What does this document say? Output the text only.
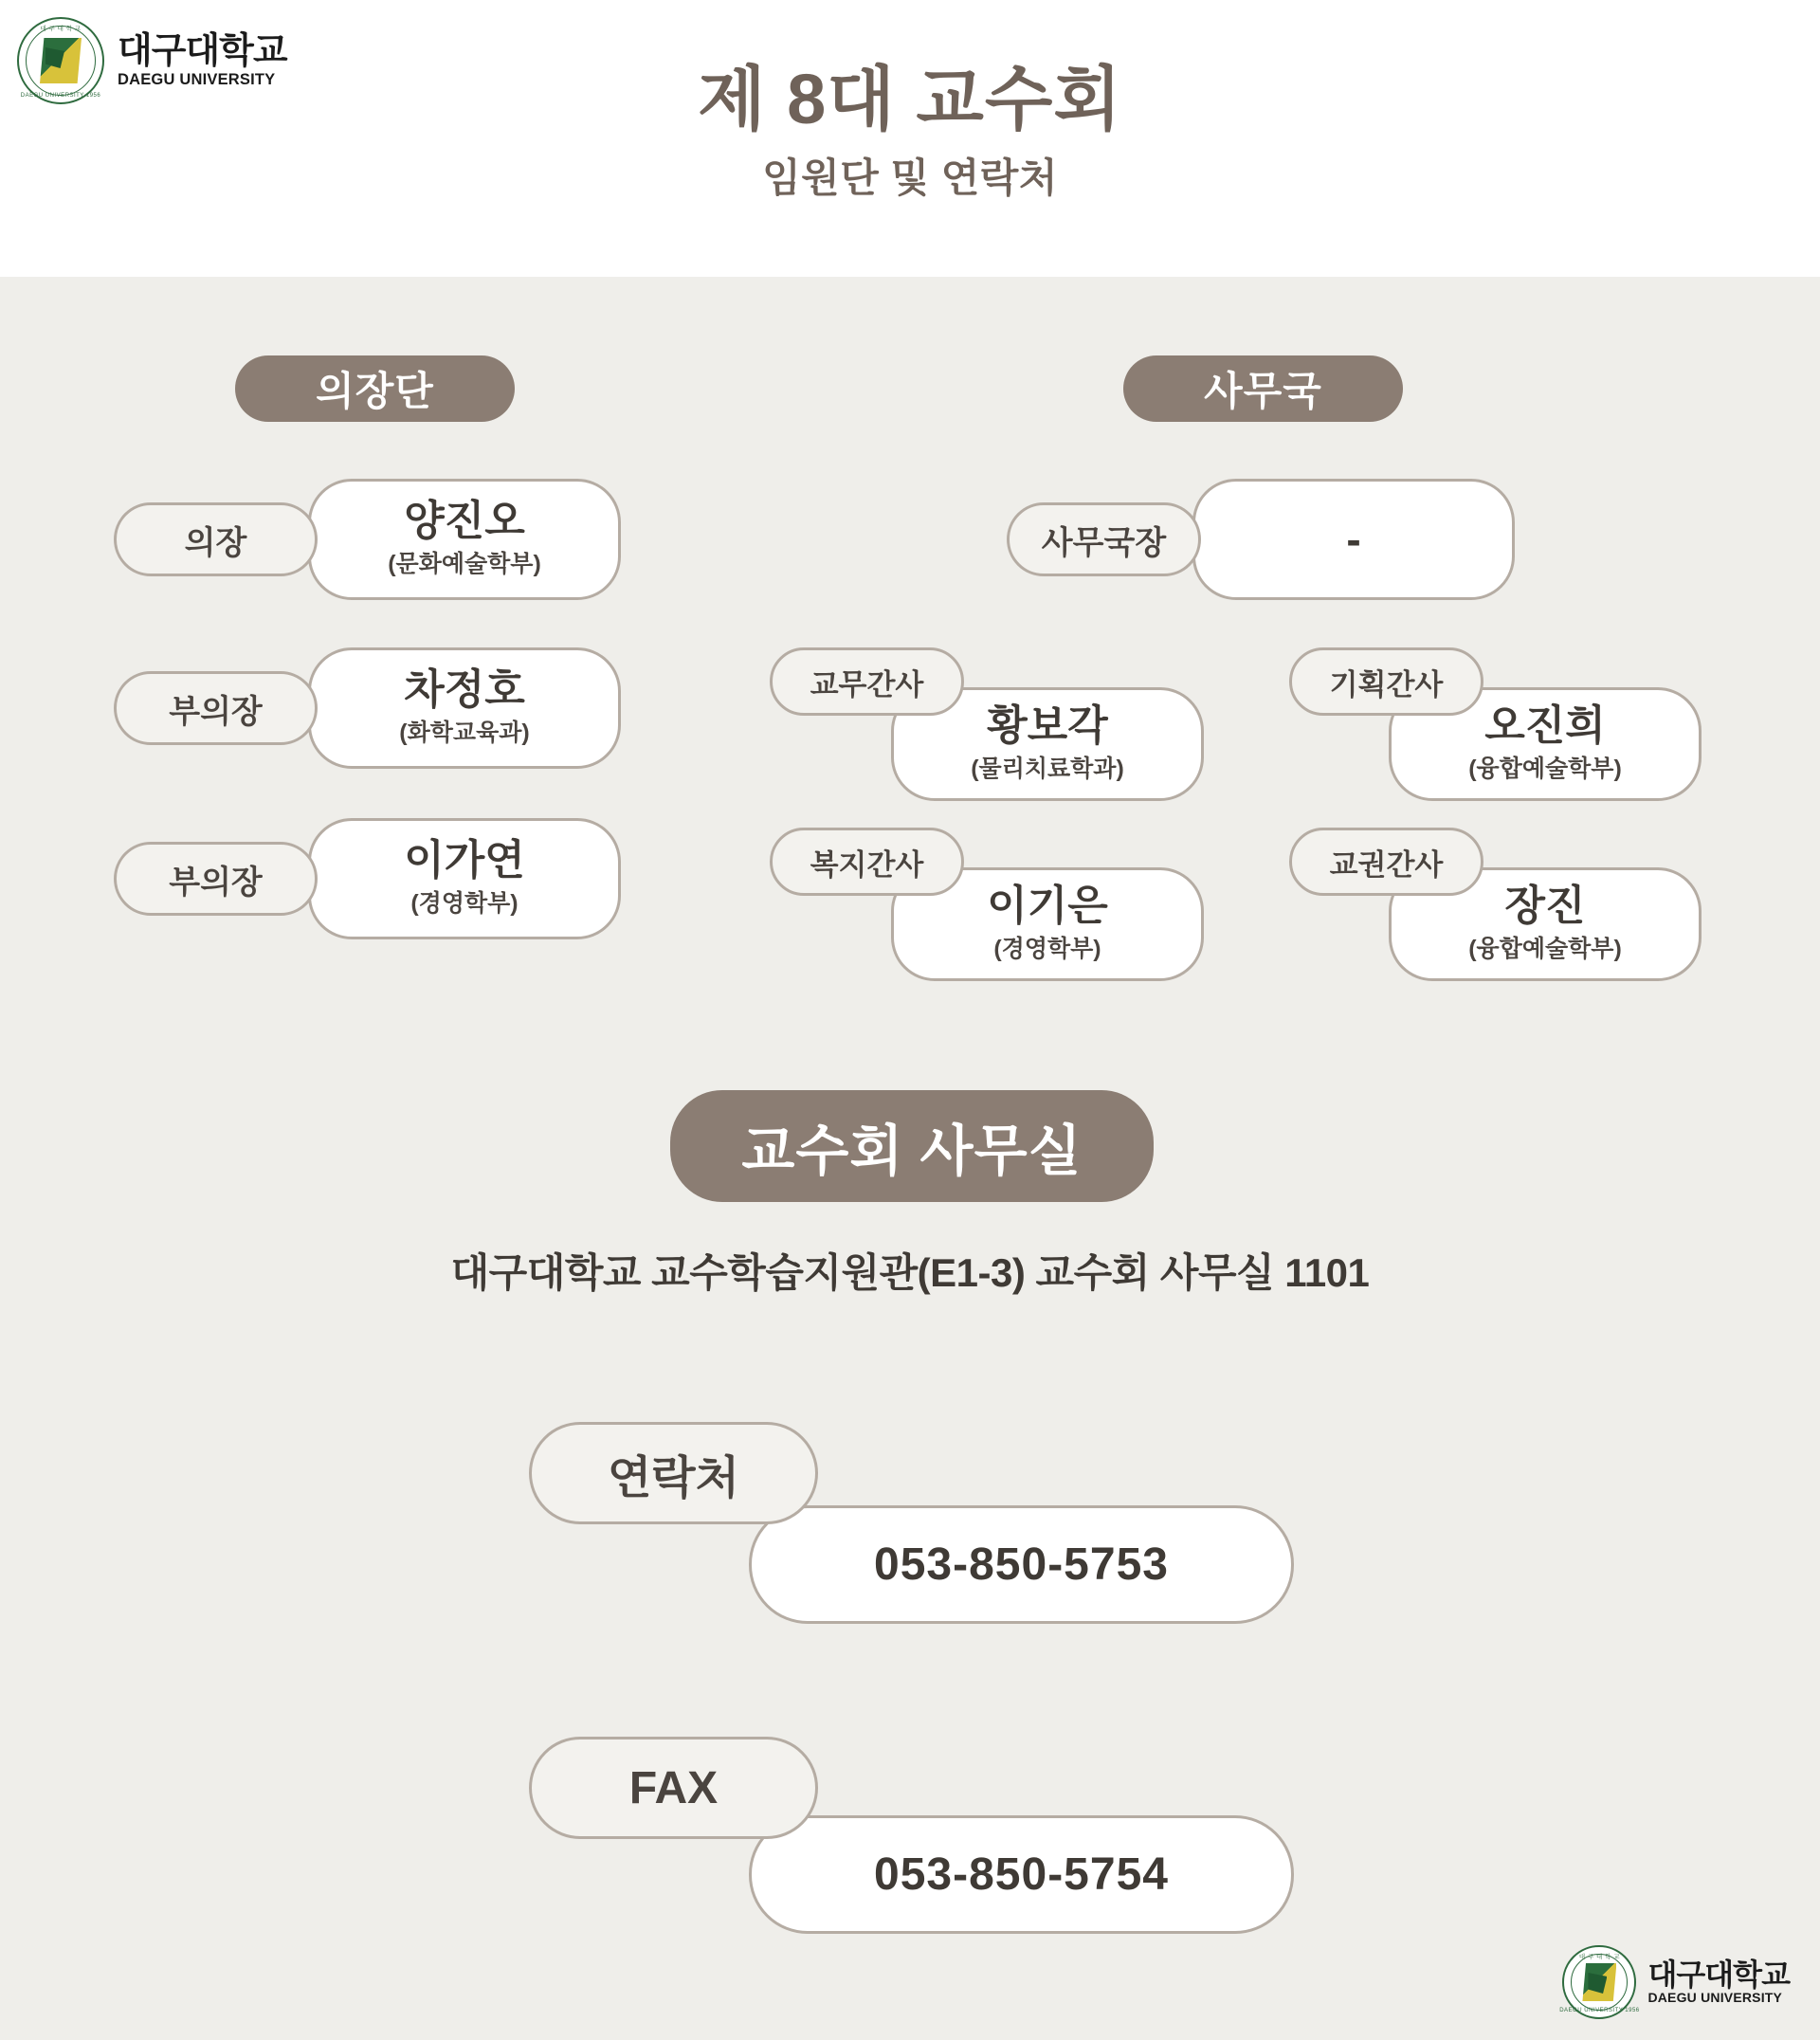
대 구 대 학 교
DAEGU UNIVERSITY 1956
대구대학교
DAEGU UNIVERSITY	제 8대 교수회
임원단 및 연락처
의장단
의장	양진오
(문화예술학부)
부의장	차정호
(화학교육과)
부의장	이가연
(경영학부)
사무국
사무국장	-
교무간사
황보각
(물리치료학과)
기획간사
오진희
(융합예술학부)
복지간사
이기은
(경영학부)
교권간사
장진
(융합예술학부)
교수회 사무실
대구대학교 교수학습지원관(E1-3) 교수회 사무실 1101
연락처
053-850-5753
FAX
053-850-5754
대 구 대 학 교
DAEGU UNIVERSITY 1956
대구대학교
DAEGU UNIVERSITY
